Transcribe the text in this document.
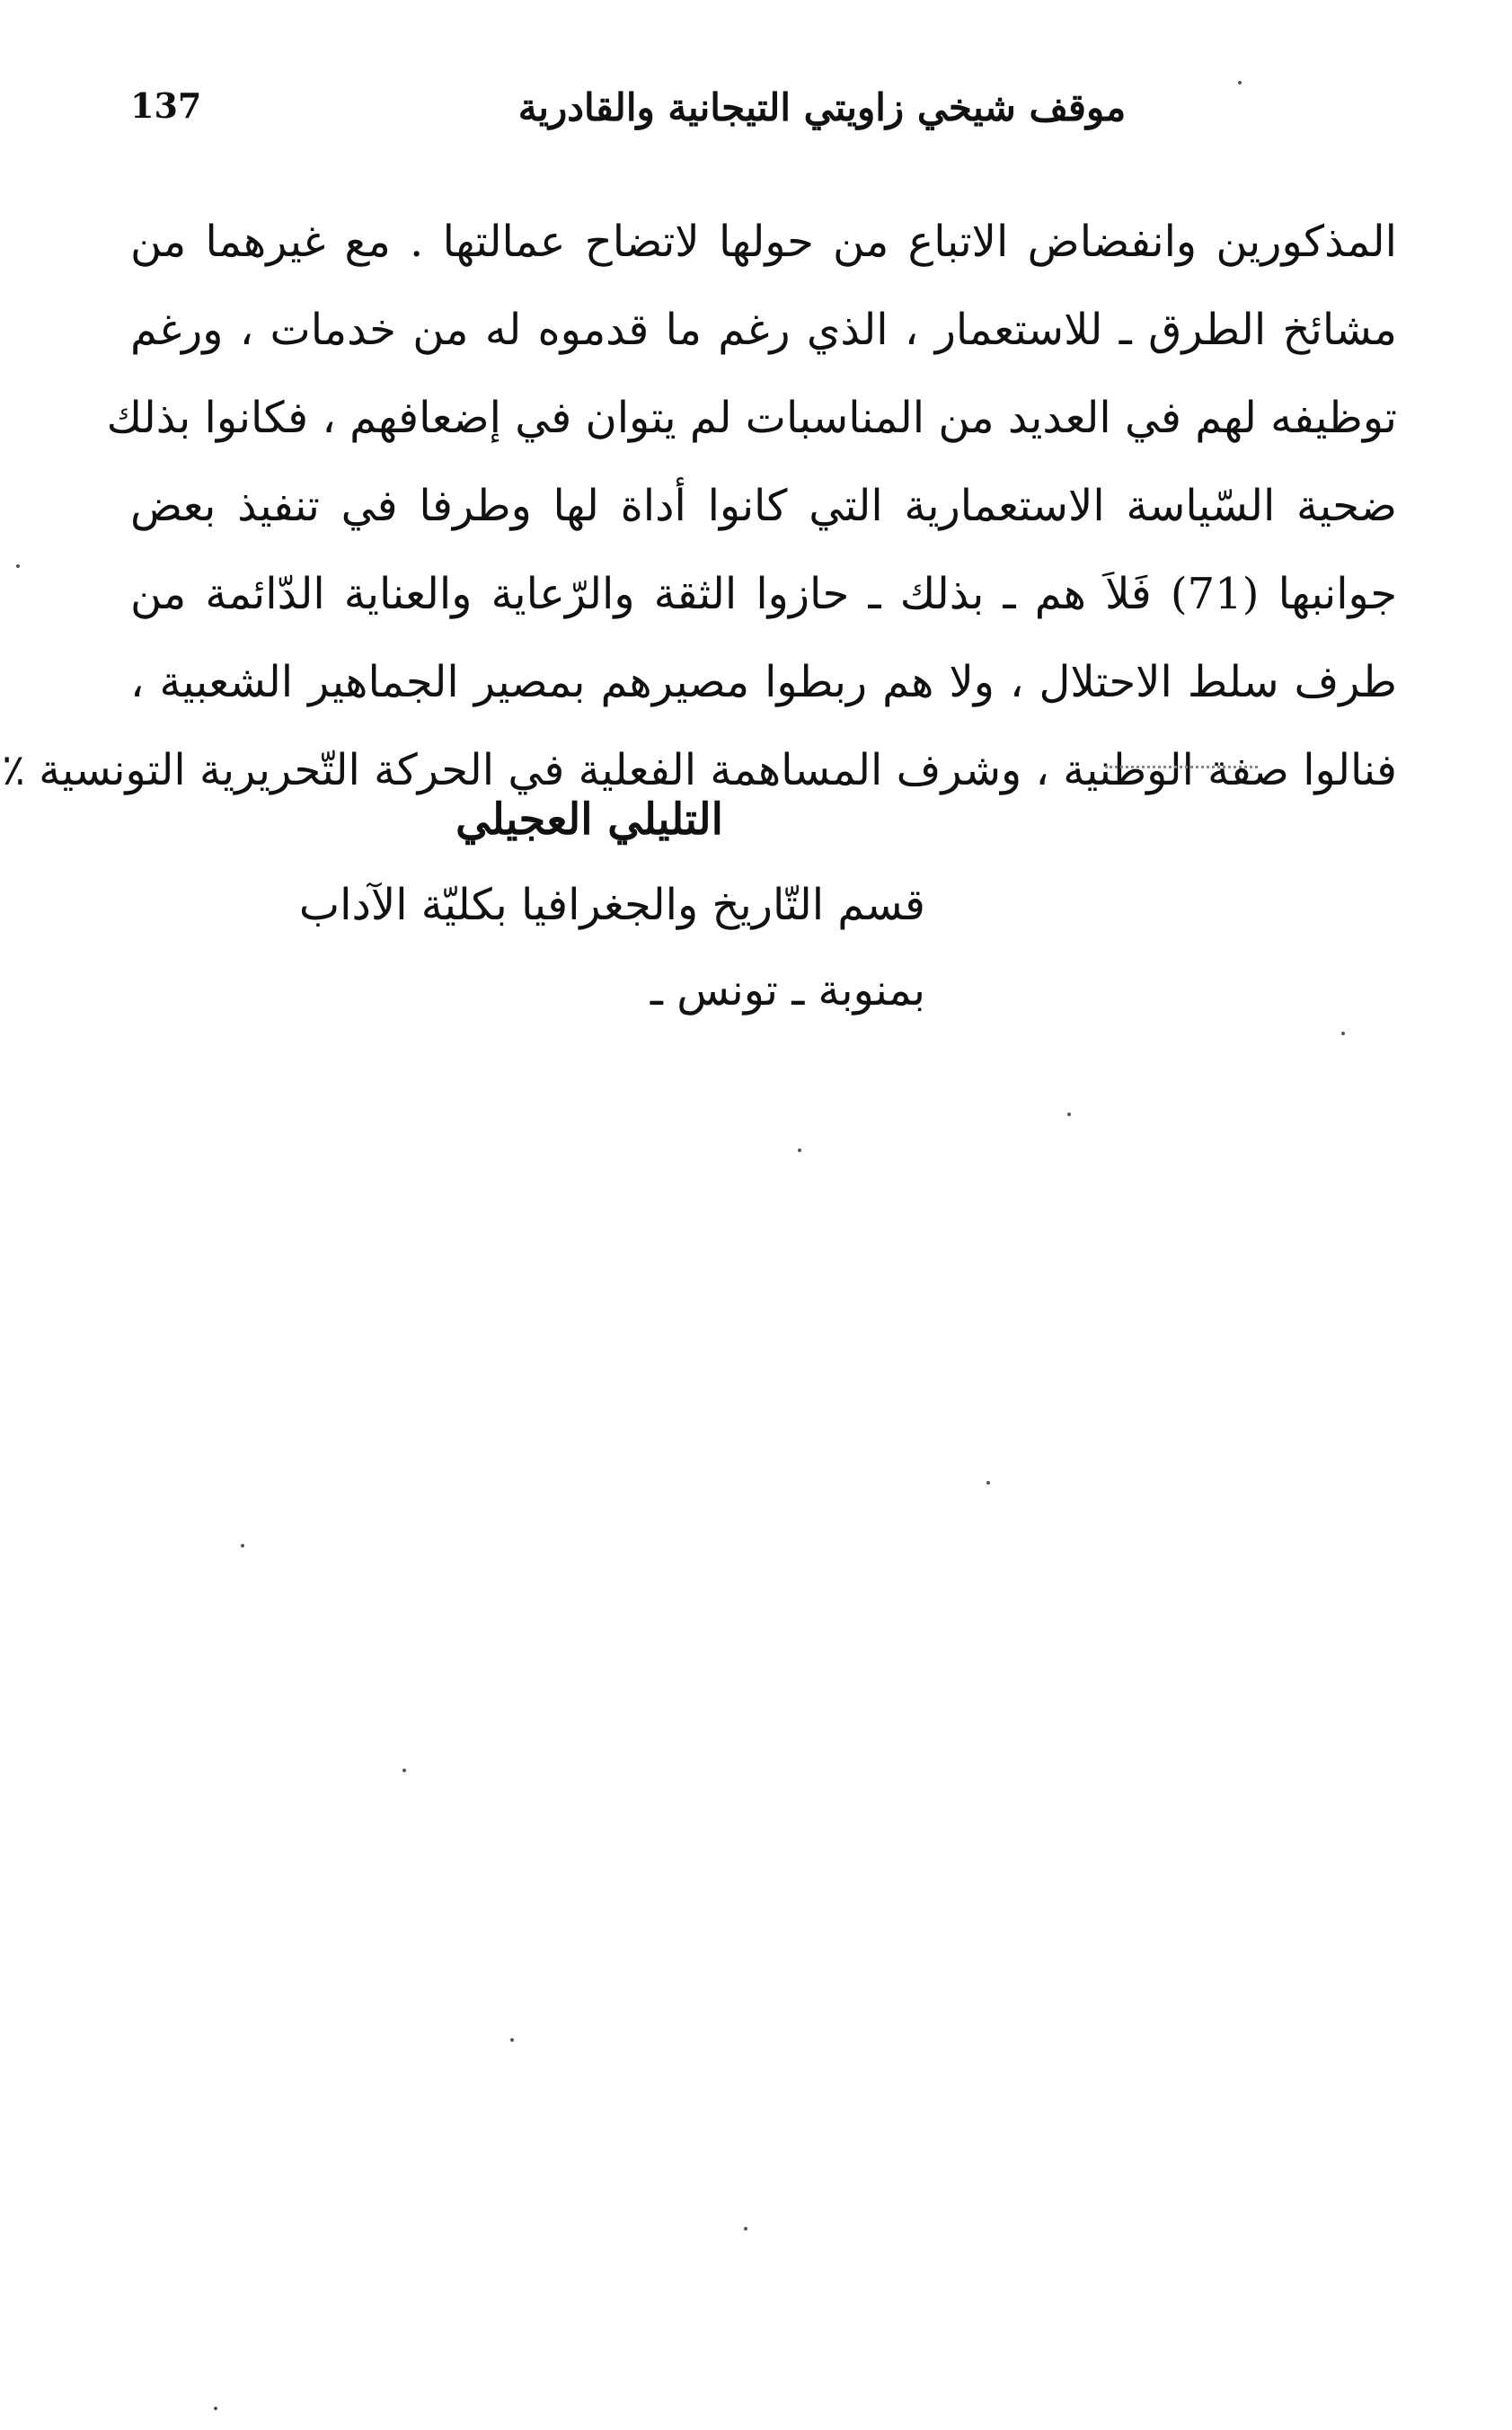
137	موقف شيخي زاويتي التيجانية والقادرية
المذكورين وانفضاض الاتباع من حولها لاتضاح عمالتها . مع غيرهما من
مشائخ الطرق ـ للاستعمار ، الذي رغم ما قدموه له من خدمات ، ورغم
توظيفه لهم في العديد من المناسبات لم يتوان في إضعافهم ، فكانوا بذلك
ضحية السّياسة الاستعمارية التي كانوا أداة لها وطرفا في تنفيذ بعض
جوانبها (71) فَلاَ هم ـ بذلك ـ حازوا الثقة والرّعاية والعناية الدّائمة من
طرف سلط الاحتلال ، ولا هم ربطوا مصيرهم بمصير الجماهير الشعبية ،
فنالوا صفة الوطنية ، وشرف المساهمة الفعلية في الحركة التّحريرية التونسية ٪
التليلي العجيلي
قسم التّاريخ والجغرافيا بكليّة الآداب
بمنوبة ـ تونس ـ
